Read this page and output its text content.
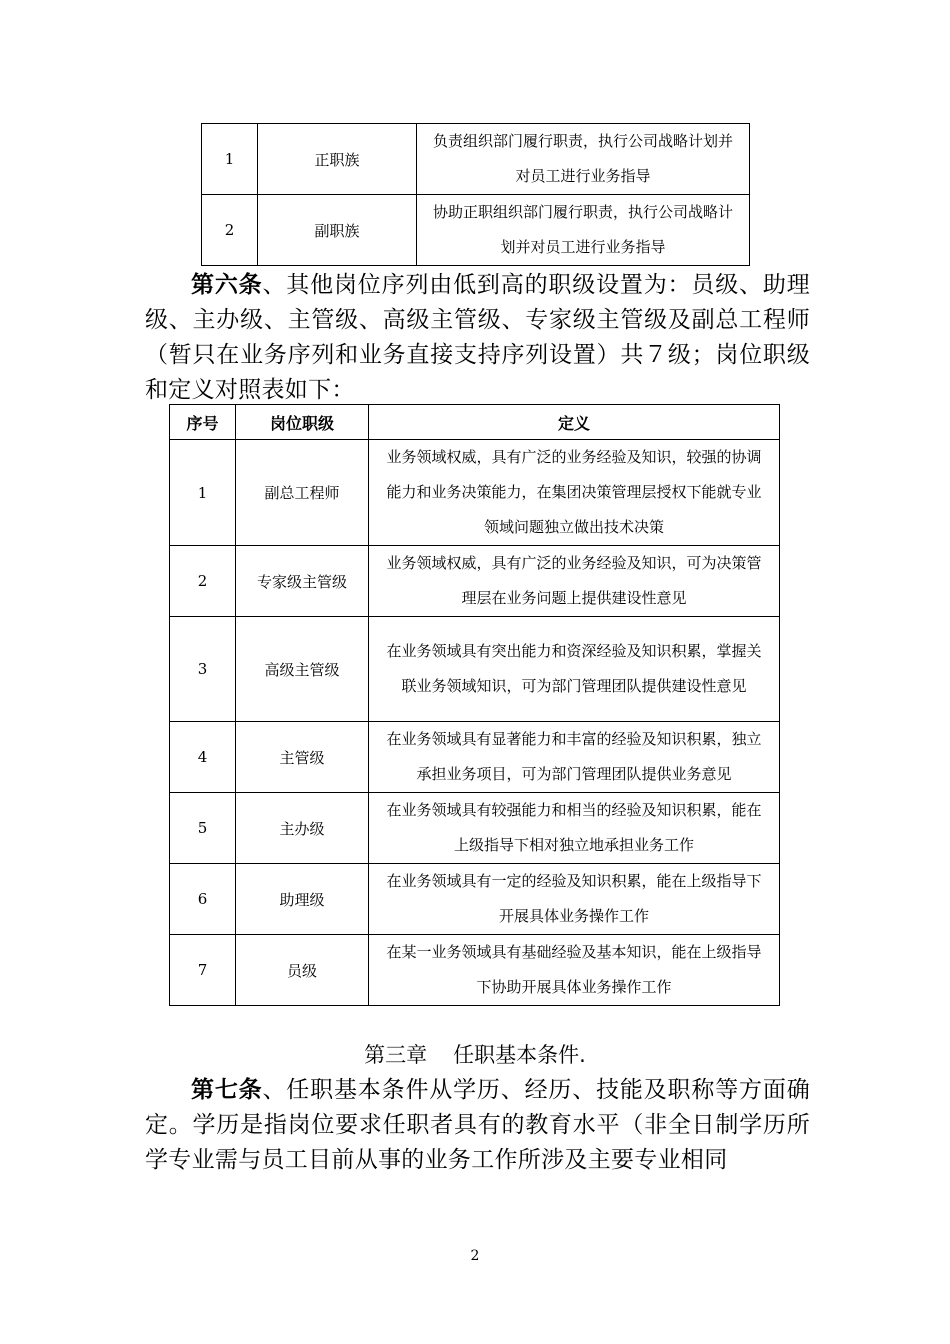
1	正职族	负责组织部门履行职责，执行公司战略计划并对员工进行业务指导
2	副职族	协助正职组织部门履行职责，执行公司战略计划并对员工进行业务指导
第六条、其他岗位序列由低到高的职级设置为：员级、助理级、主办级、主管级、高级主管级、专家级主管级及副总工程师（暂只在业务序列和业务直接支持序列设置）共７级；岗位职级和定义对照表如下：
序号	岗位职级	定义
1	副总工程师	业务领域权威，具有广泛的业务经验及知识，较强的协调能力和业务决策能力，在集团决策管理层授权下能就专业领域问题独立做出技术决策
2	专家级主管级	业务领域权威，具有广泛的业务经验及知识，可为决策管理层在业务问题上提供建设性意见
3	高级主管级	在业务领域具有突出能力和资深经验及知识积累，掌握关联业务领域知识，可为部门管理团队提供建设性意见
4	主管级	在业务领域具有显著能力和丰富的经验及知识积累，独立承担业务项目，可为部门管理团队提供业务意见
5	主办级	在业务领域具有较强能力和相当的经验及知识积累，能在上级指导下相对独立地承担业务工作
6	助理级	在业务领域具有一定的经验及知识积累，能在上级指导下开展具体业务操作工作
7	员级	在某一业务领域具有基础经验及基本知识，能在上级指导下协助开展具体业务操作工作
第三章 任职基本条件.
第七条、任职基本条件从学历、经历、技能及职称等方面确定。学历是指岗位要求任职者具有的教育水平（非全日制学历所学专业需与员工目前从事的业务工作所涉及主要专业相同
2
